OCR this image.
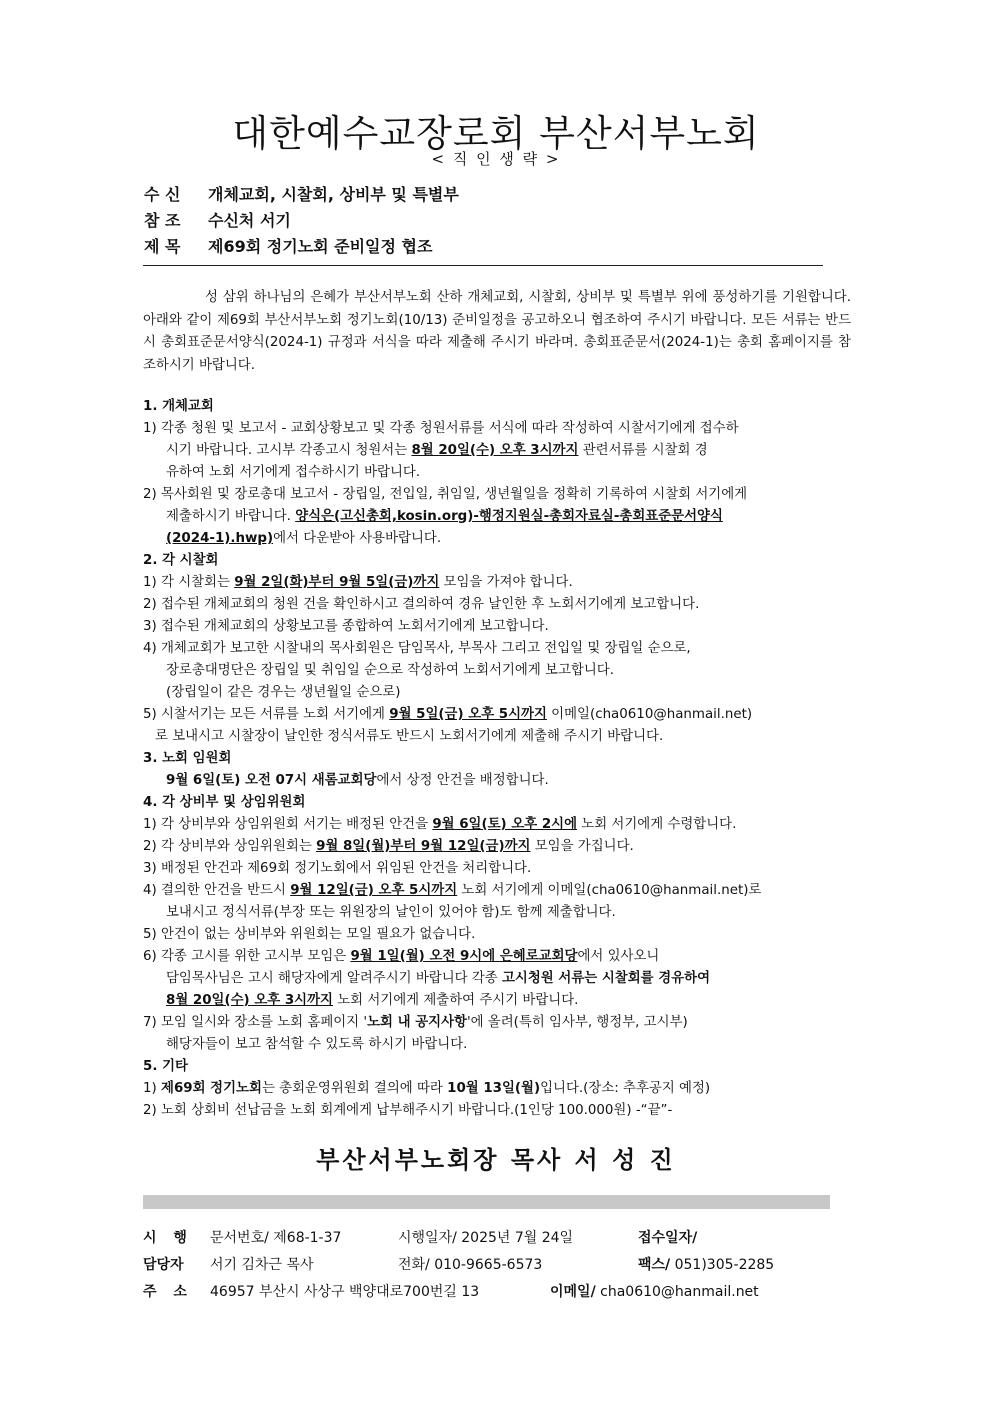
대한예수교장로회 부산서부노회
< 직 인 생 략 >
수 신 개체교회, 시찰회, 상비부 및 특별부
참 조 수신처 서기
제 목 제69회 정기노회 준비일정 협조

성 삼위 하나님의 은혜가 부산서부노회 산하 개체교회, 시찰회, 상비부 및 특별부 위에 풍성하기를 기원합니다. 아래와 같이 제69회 부산서부노회 정기노회(10/13) 준비일정을 공고하오니 협조하여 주시기 바랍니다. 모든 서류는 반드시 총회표준문서양식(2024-1) 규정과 서식을 따라 제출해 주시기 바라며. 총회표준문서(2024-1)는 총회 홈페이지를 참조하시기 바랍니다.

1. 개체교회
1) 각종 청원 및 보고서 - 교회상황보고 및 각종 청원서류를 서식에 따라 작성하여 시찰서기에게 접수하
시기 바랍니다. 고시부 각종고시 청원서는 8월 20일(수) 오후 3시까지 관련서류를 시찰회 경
유하여 노회 서기에게 접수하시기 바랍니다.
2) 목사회원 및 장로총대 보고서 - 장립일, 전입일, 취임일, 생년월일을 정확히 기록하여 시찰회 서기에게
제출하시기 바랍니다. 양식은(고신총회,kosin.org)-행정지원실-총회자료실-총회표준문서양식
(2024-1).hwp)에서 다운받아 사용바랍니다.
2. 각 시찰회
1) 각 시찰회는 9월 2일(화)부터 9월 5일(금)까지 모임을 가져야 합니다.
2) 접수된 개체교회의 청원 건을 확인하시고 결의하여 경유 날인한 후 노회서기에게 보고합니다.
3) 접수된 개체교회의 상황보고를 종합하여 노회서기에게 보고합니다.
4) 개체교회가 보고한 시찰내의 목사회원은 담임목사, 부목사 그리고 전입일 및 장립일 순으로,
장로총대명단은 장립일 및 취임일 순으로 작성하여 노회서기에게 보고합니다.
(장립일이 같은 경우는 생년월일 순으로)
5) 시찰서기는 모든 서류를 노회 서기에게 9월 5일(금) 오후 5시까지 이메일(cha0610@hanmail.net)
로 보내시고 시찰장이 날인한 정식서류도 반드시 노회서기에게 제출해 주시기 바랍니다.
3. 노회 임원회
9월 6일(토) 오전 07시 새롬교회당에서 상정 안건을 배정합니다.
4. 각 상비부 및 상임위원회
1) 각 상비부와 상임위원회 서기는 배정된 안건을 9월 6일(토) 오후 2시에 노회 서기에게 수령합니다.
2) 각 상비부와 상임위원회는 9월 8일(월)부터 9월 12일(금)까지 모임을 가집니다.
3) 배정된 안건과 제69회 정기노회에서 위임된 안건을 처리합니다.
4) 결의한 안건을 반드시 9월 12일(금) 오후 5시까지 노회 서기에게 이메일(cha0610@hanmail.net)로
보내시고 정식서류(부장 또는 위원장의 날인이 있어야 함)도 함께 제출합니다.
5) 안건이 없는 상비부와 위원회는 모일 필요가 없습니다.
6) 각종 고시를 위한 고시부 모임은 9월 1일(월) 오전 9시에 은혜로교회당에서 있사오니
담임목사님은 고시 해당자에게 알려주시기 바랍니다 각종 고시청원 서류는 시찰회를 경유하여
8월 20일(수) 오후 3시까지 노회 서기에게 제출하여 주시기 바랍니다.
7) 모임 일시와 장소를 노회 홈페이지 '노회 내 공지사항'에 올려(특히 임사부, 행정부, 고시부)
해당자들이 보고 참석할 수 있도록 하시기 바랍니다.
5. 기타
1) 제69회 정기노회는 총회운영위원회 결의에 따라 10월 13일(월)입니다.(장소: 추후공지 예정)
2) 노회 상회비 선납금을 노회 회계에게 납부해주시기 바랍니다.(1인당 100.000원) -“끝”-
부산서부노회장 목사 서 성 진
시 행 문서번호/ 제68-1-37	시행일자/ 2025년 7월 24일	접수일자/
담당자 서기 김차근 목사	전화/ 010-9665-6573	팩스/ 051)305-2285
주 소 46957 부산시 사상구 백양대로700번길 13	이메일/ cha0610@hanmail.net
